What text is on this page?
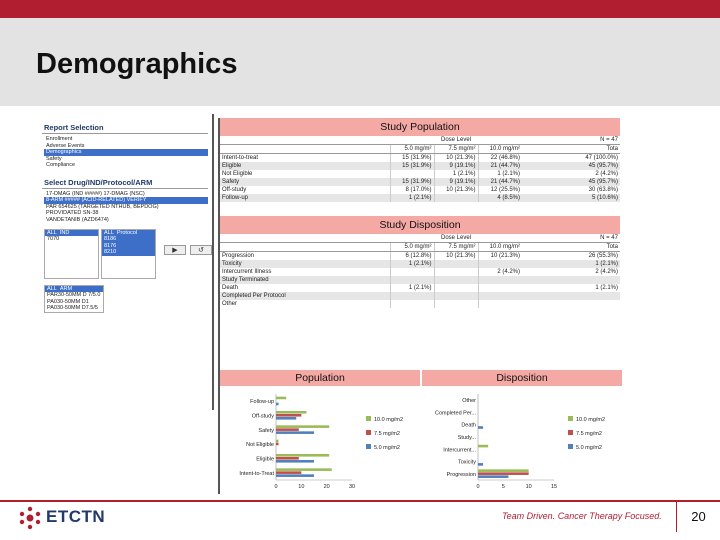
Demographics
Report Selection
Enrollment
Adverse Events
Demographics
Safety
Compliance
Select Drug/IND/Protocol/ARM
17-DMAG (IND #####) 17-DMAG (NSC)
8-ARM ##### (ACID-RELATED) VERIFY
PAR 654625 (TARGETED NTHUB, BEPDOG)
PROVIDATED SN-38
VANDETANIB (AZD6474)
ALL IND
7070
ALL Protocol
8186
8176
8210	▶	↺
ALL ARM
PAR30-50MM D 7/5.0
PA030-50MM D1
PA030-50MM D7.5/5
Study Population
	Dose Level			N = 47
	5.0 mg/m²	7.5 mg/m²	10.0 mg/m²	Tota
Intent-to-treat	15 (31.9%)	10 (21.3%)	22 (46.8%)	47 (100.0%)
Eligible	15 (31.9%)	9 (19.1%)	21 (44.7%)	45 (95.7%)
Not Eligible		1 (2.1%)	1 (2.1%)	2 (4.2%)
Safety	15 (31.9%)	9 (19.1%)	21 (44.7%)	45 (95.7%)
Off-study	8 (17.0%)	10 (21.3%)	12 (25.5%)	30 (63.8%)
Follow-up	1 (2.1%)		4 (8.5%)	5 (10.6%)
Study Disposition
	Dose Level			N = 47
	5.0 mg/m²	7.5 mg/m²	10.0 mg/m²	Tota
Progression	6 (12.8%)	10 (21.3%)	10 (21.3%)	26 (55.3%)
Toxicity	1 (2.1%)			1 (2.1%)
Intercurrent Illness			2 (4.2%)	2 (4.2%)
Study Terminated				
Death	1 (2.1%)			1 (2.1%)
Completed Per Protocol				
Other				
Population	Disposition
Follow-up
Off-study
Safety
Not Eligible
Eligible
Intent-to-Treat
0	10	20	30
10.0 mg/m2
7.5 mg/m2
5.0 mg/m2
Other
Completed Per...
Death
Study...
Intercurrent...
Toxicity
Progression
0	5	10	15
10.0 mg/m2
7.5 mg/m2
5.0 mg/m2
ETCTN	Team Driven. Cancer Therapy Focused.	20
